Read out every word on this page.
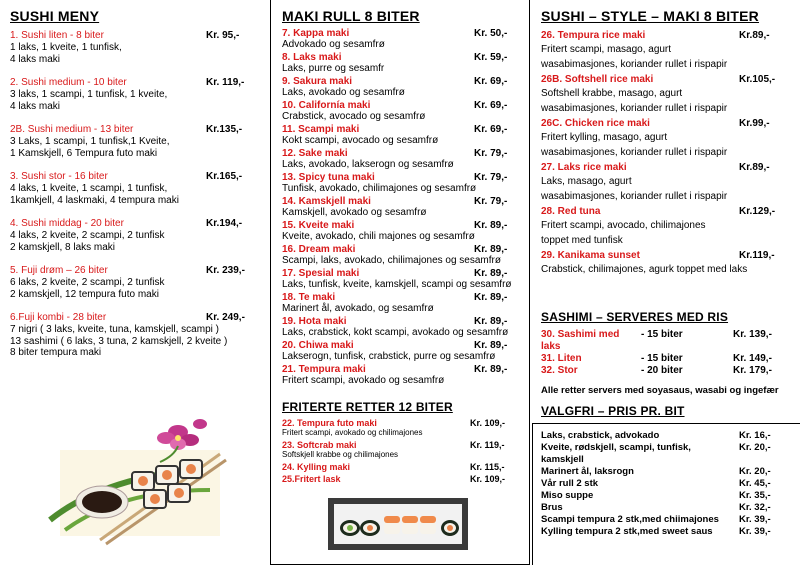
SUSHI MENY
1. Sushi liten - 8 biter	Kr. 95,-
1 laks, 1 kveite, 1 tunfisk,
4 laks maki
2. Sushi medium - 10 biter	Kr. 119,-
3 laks, 1 scampi, 1 tunfisk, 1 kveite,
4 laks maki
2B. Sushi medium - 13 biter	Kr.135,-
3 Laks, 1 scampi, 1 tunfisk,1 Kveite,
1 Kamskjell, 6 Tempura futo maki
3. Sushi stor - 16 biter	Kr.165,-
4 laks, 1 kveite, 1 scampi, 1 tunfisk,
1kamkjell, 4 laskmaki, 4 tempura maki
4. Sushi middag - 20 biter	Kr.194,-
4 laks, 2 kveite, 2 scampi, 2 tunfisk
2 kamskjell, 8 laks maki
5. Fuji drøm – 26 biter	Kr. 239,-
6 laks, 2 kveite, 2 scampi, 2 tunfisk
2 kamskjell, 12 tempura futo maki
6.Fuji kombi - 28 biter	Kr. 249,-
7 nigri ( 3 laks, kveite, tuna, kamskjell, scampi )
13 sashimi ( 6 laks, 3 tuna, 2 kamskjell, 2 kveite )
8 biter tempura maki
MAKI RULL 8 BITER
7. Kappa maki	Kr. 50,-
Advokado og sesamfrø
8. Laks maki	Kr. 59,-
Laks, purre og sesamfr
9. Sakura maki	Kr. 69,-
Laks, avokado og sesamfrø
10. Californía maki	Kr. 69,-
Crabstick, avocado og sesamfrø
11. Scampi maki	Kr. 69,-
Kokt scampi, avocado og sesamfrø
12. Sake maki	Kr. 79,-
Laks, avokado, lakserogn og sesamfrø
13. Spicy tuna maki	Kr. 79,-
Tunfisk, avokado, chilimajones og sesamfrø
14. Kamskjell maki	Kr. 79,-
Kamskjell, avokado og sesamfrø
15. Kveite maki	Kr. 89,-
Kveite, avokado, chili majones og sesamfrø
16. Dream maki	Kr. 89,-
Scampi, laks, avokado, chilimajones og sesamfrø
17. Spesial maki	Kr. 89,-
Laks, tunfisk, kveite, kamskjell, scampi og sesamfrø
18. Te maki	Kr. 89,-
Marinert ål, avokado, og sesamfrø
19. Hota maki	Kr. 89,-
Laks, crabstick, kokt scampi, avokado og sesamfrø
20. Chiwa maki	Kr. 89,-
Lakserogn, tunfisk, crabstick, purre og sesamfrø
21. Tempura maki	Kr. 89,-
Fritert scampi, avokado og sesamfrø
FRITERTE RETTER 12 BITER
22. Tempura futo maki	Kr. 109,-
Fritert scampi, avokado og chilimajones
23. Softcrab maki	Kr. 119,-
Softskjell krabbe og chilimajones
24. Kylling maki	Kr. 115,-
25.Fritert lask	Kr. 109,-
SUSHI – STYLE – MAKI 8 BITER
26. Tempura rice maki	Kr.89,-
Fritert scampi, masago, agurt
wasabimasjones, koriander rullet i rispapir
26B. Softshell rice maki	Kr.105,-
Softshell krabbe, masago, agurt
wasabimasjones, koriander rullet i rispapir
26C. Chicken rice maki	Kr.99,-
Fritert kylling, masago, agurt
wasabimasjones, koriander rullet i rispapir
27. Laks rice maki	Kr.89,-
Laks, masago, agurt
wasabimasjones, koriander rullet i rispapir
28. Red tuna	Kr.129,-
Fritert scampi, avocado, chilimajones
toppet med tunfisk
29. Kanikama sunset	Kr.119,-
Crabstick, chilimajones, agurk toppet med laks
SASHIMI – SERVERES MED RIS
30. Sashimi med laks
- 15 biter	Kr. 139,-
31. Liten	- 15 biter	Kr. 149,-
32. Stor	- 20 biter	Kr. 179,-
Alle retter servers med soyasaus, wasabi og ingefær
VALGFRI – PRIS PR. BIT
Laks, crabstick, advokado	Kr. 16,-
Kveite, rødskjell, scampi, tunfisk,	Kr. 20,-
kamskjell
Marinert ål, laksrogn	Kr. 20,-
Vår rull 2 stk	Kr. 45,-
Miso suppe	Kr. 35,-
Brus	Kr. 32,-
Scampi tempura 2 stk,med chiimajones	Kr. 39,-
Kylling tempura 2 stk,med sweet saus	Kr. 39,-
